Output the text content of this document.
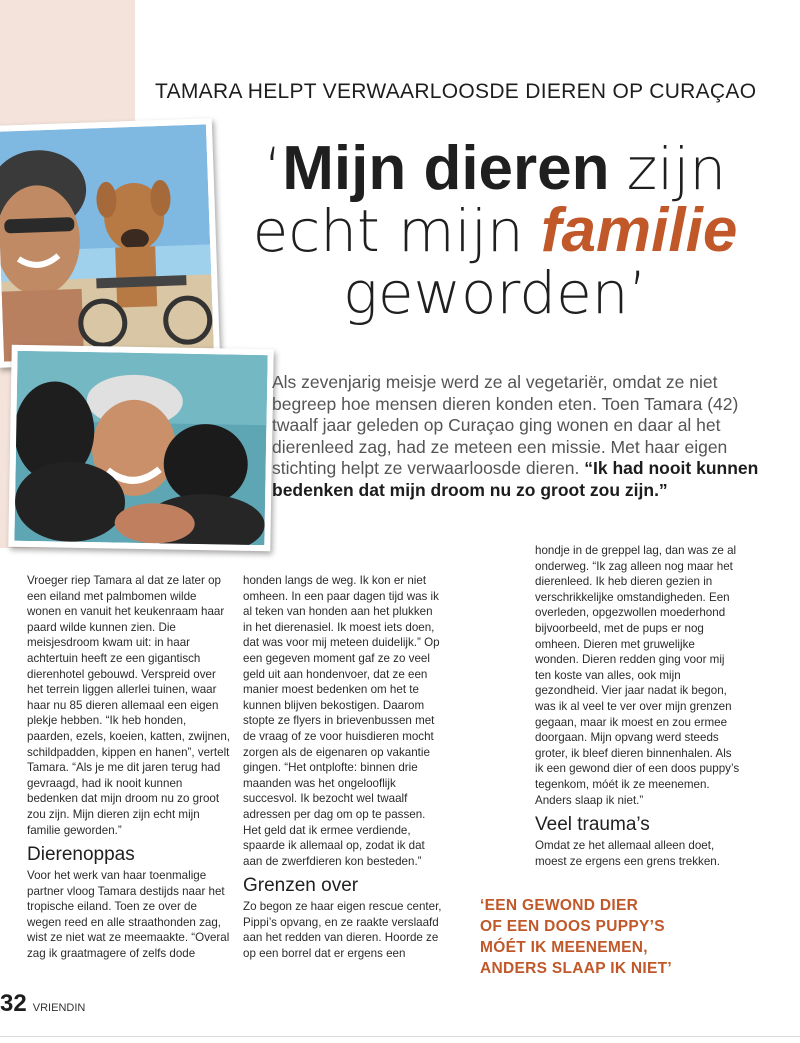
TAMARA HELPT VERWAARLOOSDE DIEREN OP CURAÇAO
‘Mijn dieren zijn
echt mijn familie
geworden’
Als zevenjarig meisje werd ze al vegetariër, omdat ze niet begreep hoe mensen dieren konden eten. Toen Tamara (42) twaalf jaar geleden op Curaçao ging wonen en daar al het dierenleed zag, had ze meteen een missie. Met haar eigen stichting helpt ze verwaarloosde dieren. “Ik had nooit kunnen bedenken dat mijn droom nu zo groot zou zijn.”

Vroeger riep Tamara al dat ze later op een eiland met palmbomen wilde wonen en vanuit het keukenraam haar paard wilde kunnen zien. Die meisjesdroom kwam uit: in haar achtertuin heeft ze een gigantisch dierenhotel gebouwd. Verspreid over het terrein liggen allerlei tuinen, waar haar nu 85 dieren allemaal een eigen plekje hebben. “Ik heb honden, paarden, ezels, koeien, katten, zwijnen, schildpadden, kippen en hanen”, vertelt Tamara. “Als je me dit jaren terug had gevraagd, had ik nooit kunnen bedenken dat mijn droom nu zo groot zou zijn. Mijn dieren zijn echt mijn familie geworden.”

Dierenoppas

Voor het werk van haar toenmalige partner vloog Tamara destijds naar het tropische eiland. Toen ze over de wegen reed en alle straathonden zag, wist ze niet wat ze meemaakte. “Overal zag ik graatmagere of zelfs dode

honden langs de weg. Ik kon er niet omheen. In een paar dagen tijd was ik al teken van honden aan het plukken in het dierenasiel. Ik moest iets doen, dat was voor mij meteen duidelijk.” Op een gegeven moment gaf ze zo veel geld uit aan hondenvoer, dat ze een manier moest bedenken om het te kunnen blijven bekostigen. Daarom stopte ze flyers in brievenbussen met de vraag of ze voor huisdieren mocht zorgen als de eigenaren op vakantie gingen. “Het ontplofte: binnen drie maanden was het ongelooflijk succesvol. Ik bezocht wel twaalf adressen per dag om op te passen. Het geld dat ik ermee verdiende, spaarde ik allemaal op, zodat ik dat aan de zwerfdieren kon besteden.”

Grenzen over

Zo begon ze haar eigen rescue center, Pippi’s opvang, en ze raakte verslaafd aan het redden van dieren. Hoorde ze op een borrel dat er ergens een

hondje in de greppel lag, dan was ze al onderweg. “Ik zag alleen nog maar het dierenleed. Ik heb dieren gezien in verschrikkelijke omstandigheden. Een overleden, opgezwollen moederhond bijvoorbeeld, met de pups er nog omheen. Dieren met gruwelijke wonden. Dieren redden ging voor mij ten koste van alles, ook mijn gezondheid. Vier jaar nadat ik begon, was ik al veel te ver over mijn grenzen gegaan, maar ik moest en zou ermee doorgaan. Mijn opvang werd steeds groter, ik bleef dieren binnenhalen. Als ik een gewond dier of een doos puppy’s tegenkom, móét ik ze meenemen. Anders slaap ik niet.”

Veel trauma’s

Omdat ze het allemaal alleen doet, moest ze ergens een grens trekken.

‘EEN GEWOND DIER
OF EEN DOOS PUPPY’S
MÓÉT IK MEENEMEN,
ANDERS SLAAP IK NIET’
32 VRIENDIN
